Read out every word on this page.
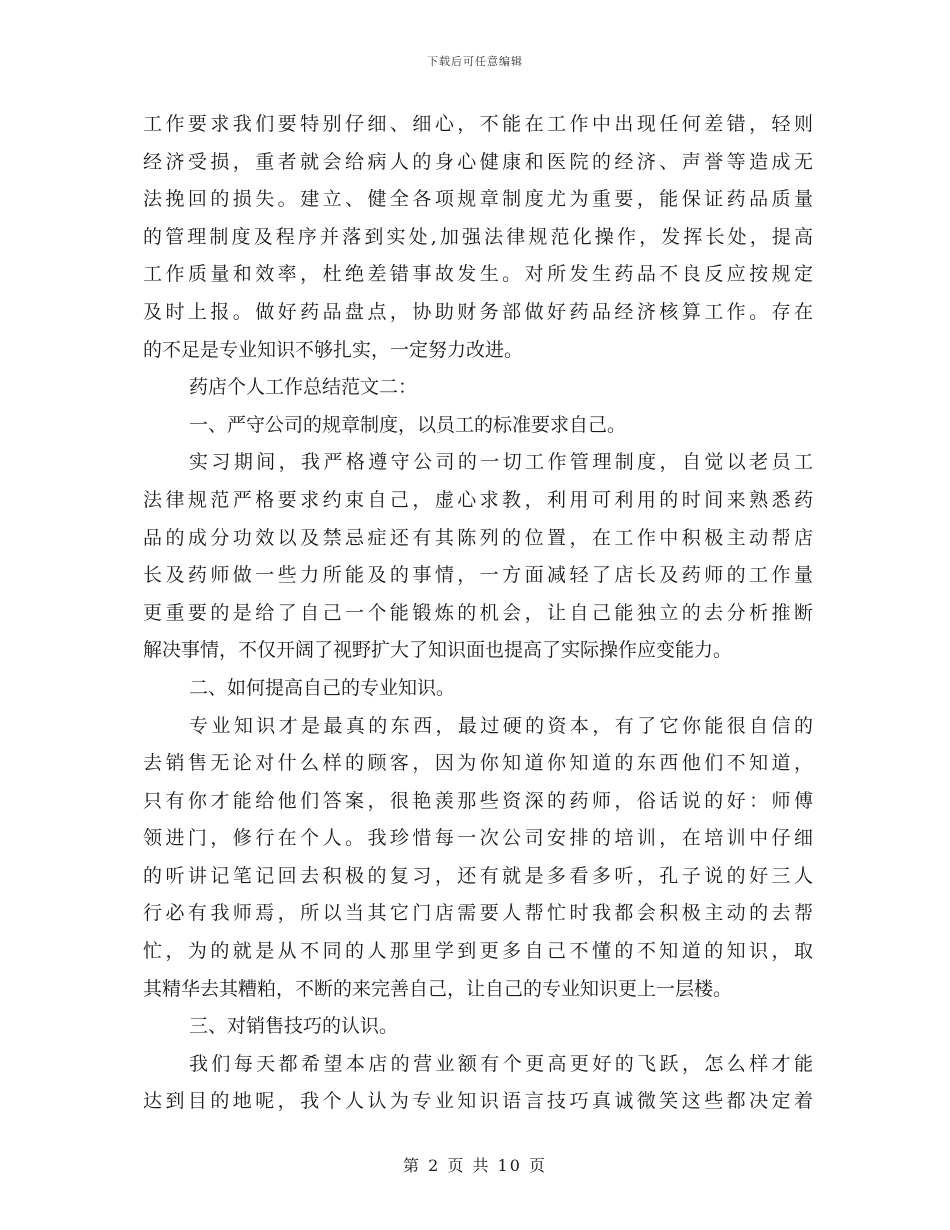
下载后可任意编辑
工作要求我们要特别仔细、细心，不能在工作中出现任何差错，轻则
经济受损，重者就会给病人的身心健康和医院的经济、声誉等造成无
法挽回的损失。建立、健全各项规章制度尤为重要，能保证药品质量
的管理制度及程序并落到实处,加强法律规范化操作，发挥长处，提高
工作质量和效率，杜绝差错事故发生。对所发生药品不良反应按规定
及时上报。做好药品盘点，协助财务部做好药品经济核算工作。存在
的不足是专业知识不够扎实，一定努力改进。
药店个人工作总结范文二：
一、严守公司的规章制度，以员工的标准要求自己。
实习期间，我严格遵守公司的一切工作管理制度，自觉以老员工
法律规范严格要求约束自己，虚心求教，利用可利用的时间来熟悉药
品的成分功效以及禁忌症还有其陈列的位置，在工作中积极主动帮店
长及药师做一些力所能及的事情，一方面减轻了店长及药师的工作量
更重要的是给了自己一个能锻炼的机会，让自己能独立的去分析推断
解决事情，不仅开阔了视野扩大了知识面也提高了实际操作应变能力。
二、如何提高自己的专业知识。
专业知识才是最真的东西，最过硬的资本，有了它你能很自信的
去销售无论对什么样的顾客，因为你知道你知道的东西他们不知道，
只有你才能给他们答案，很艳羡那些资深的药师，俗话说的好：师傅
领进门，修行在个人。我珍惜每一次公司安排的培训，在培训中仔细
的听讲记笔记回去积极的复习，还有就是多看多听，孔子说的好三人
行必有我师焉，所以当其它门店需要人帮忙时我都会积极主动的去帮
忙，为的就是从不同的人那里学到更多自己不懂的不知道的知识，取
其精华去其糟粕，不断的来完善自己，让自己的专业知识更上一层楼。
三、对销售技巧的认识。
我们每天都希望本店的营业额有个更高更好的飞跃，怎么样才能
达到目的地呢，我个人认为专业知识语言技巧真诚微笑这些都决定着
第 2 页 共 10 页
